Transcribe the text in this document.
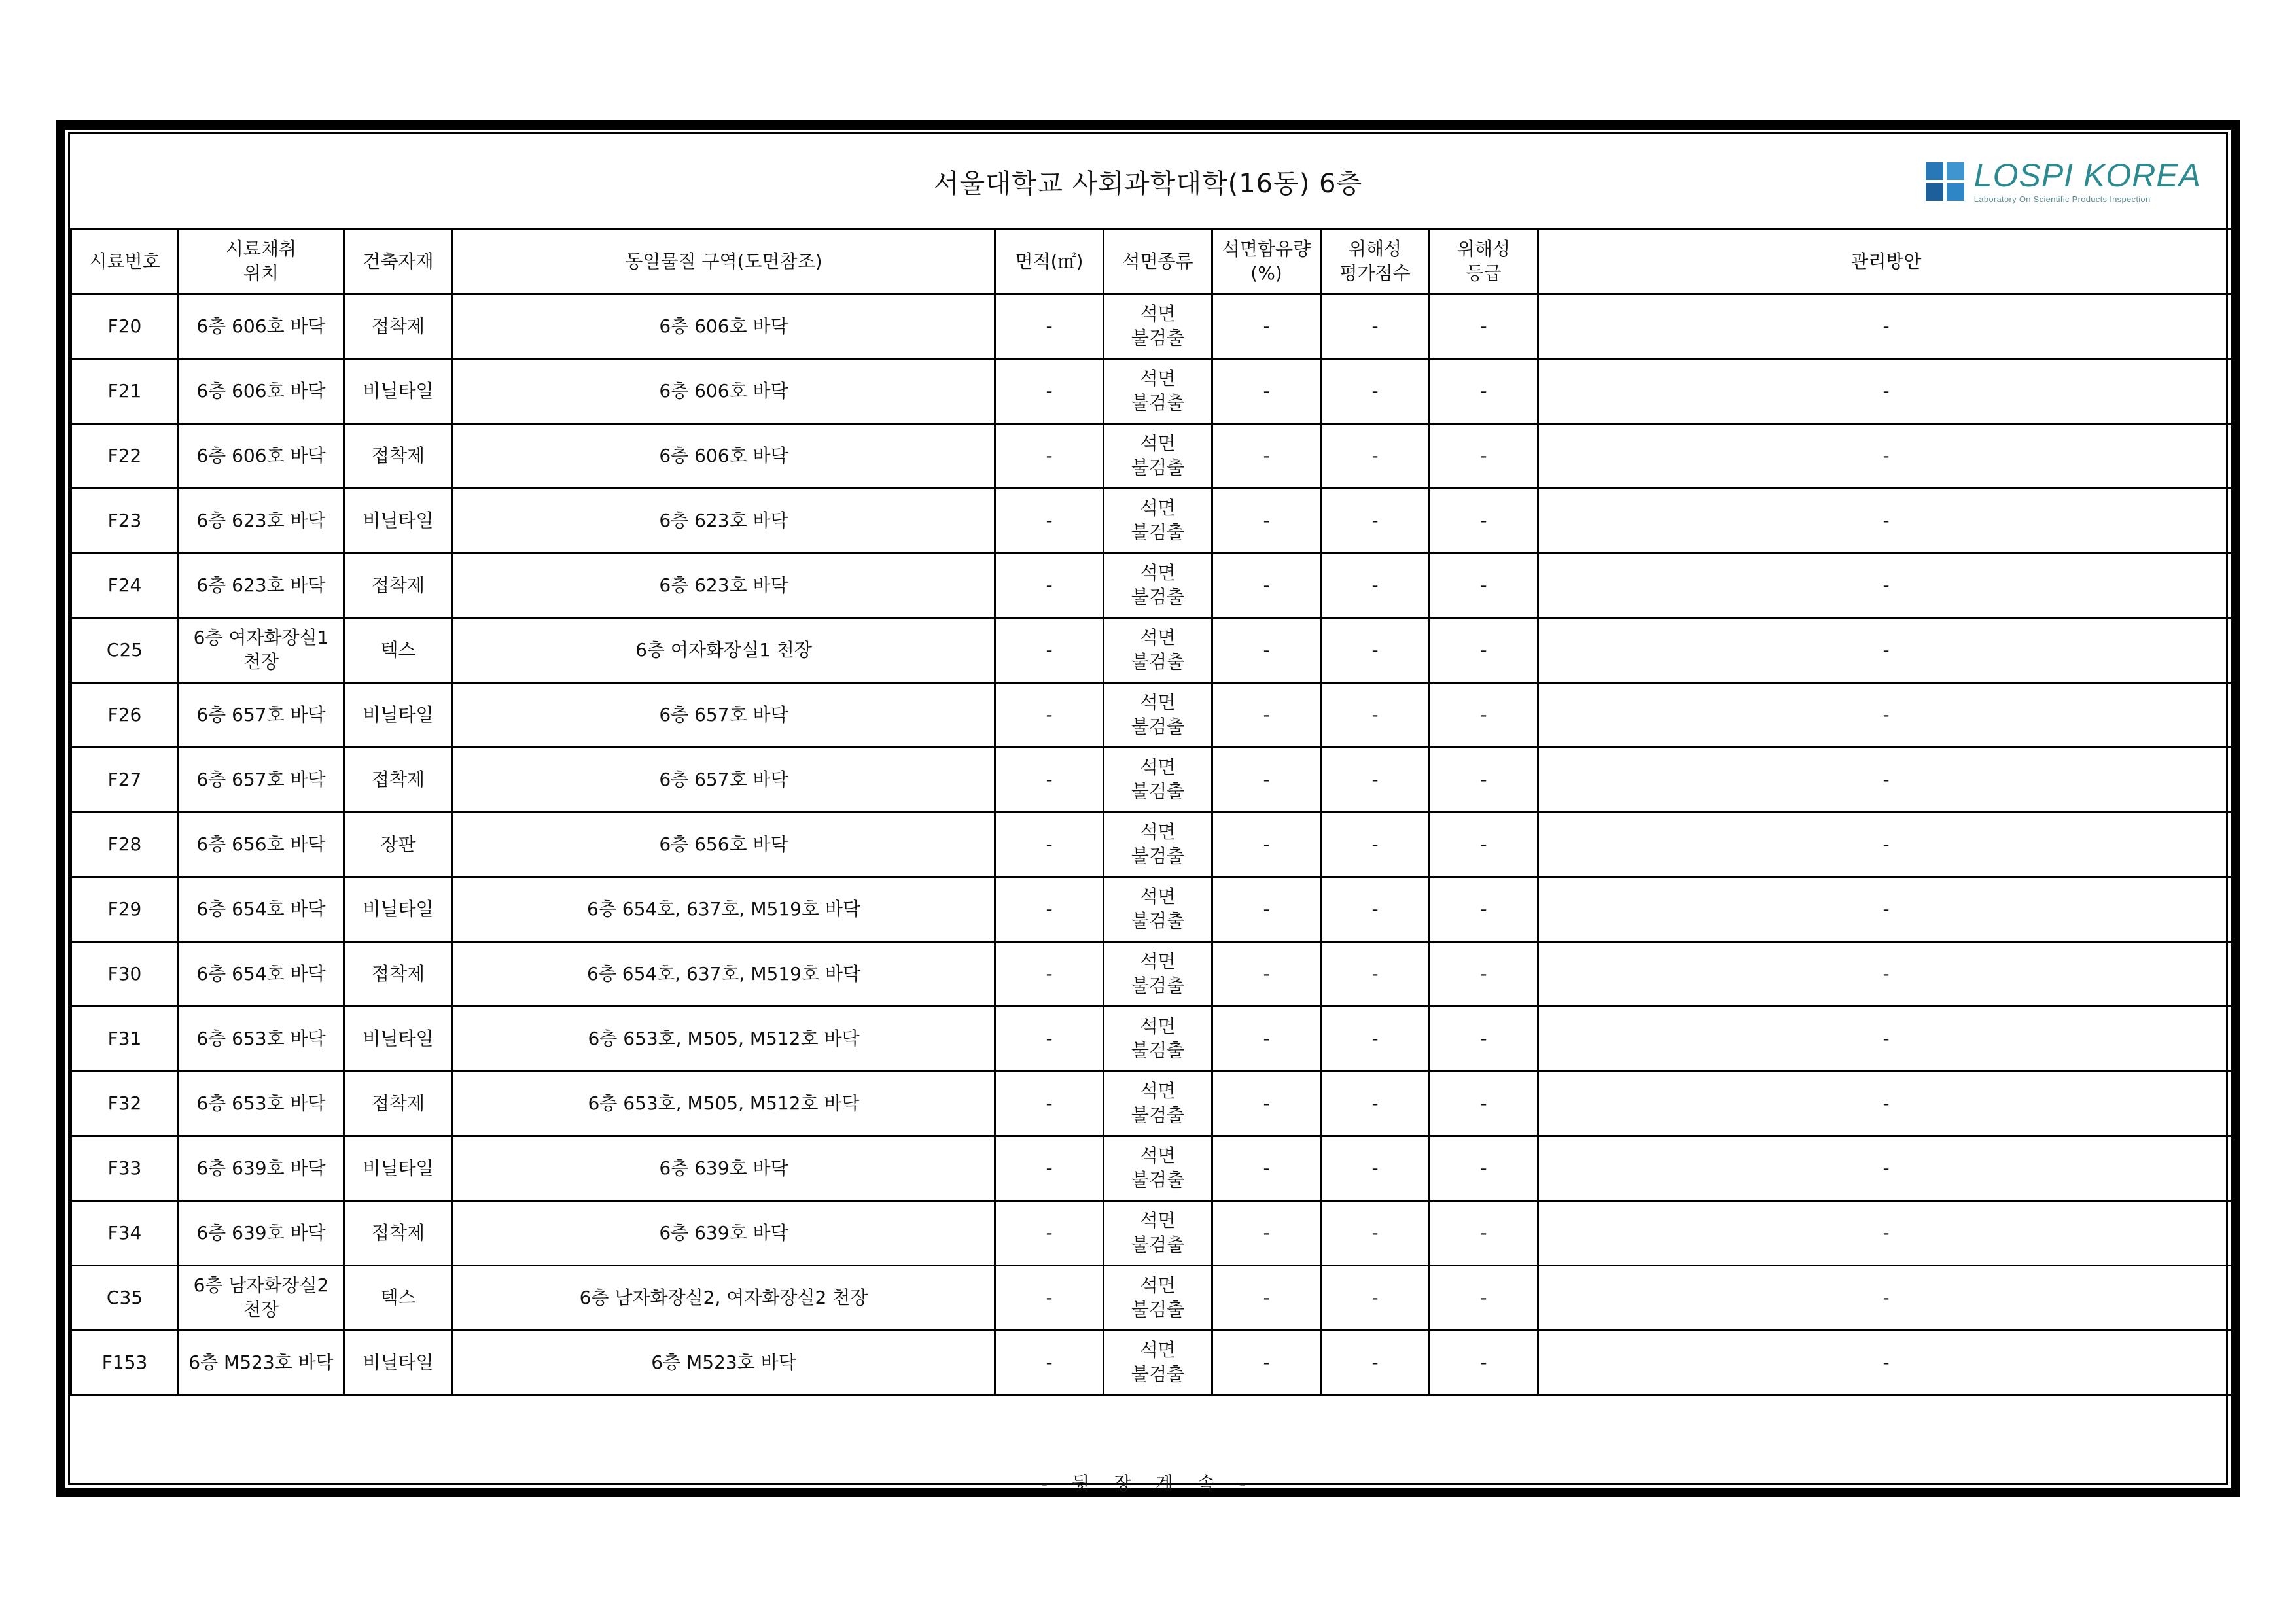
서울대학교 사회과학대학(16동) 6층	LOSPI KOREA
Laboratory On Scientific Products Inspection
시료번호	시료채취
위치	건축자재	동일물질 구역(도면참조)	면적(㎡)	석면종류	석면함유량
(%)	위해성
평가점수	위해성
등급	관리방안
F20	6층 606호 바닥	접착제	6층 606호 바닥	-	석면
불검출	-	-	-	-
F21	6층 606호 바닥	비닐타일	6층 606호 바닥	-	석면
불검출	-	-	-	-
F22	6층 606호 바닥	접착제	6층 606호 바닥	-	석면
불검출	-	-	-	-
F23	6층 623호 바닥	비닐타일	6층 623호 바닥	-	석면
불검출	-	-	-	-
F24	6층 623호 바닥	접착제	6층 623호 바닥	-	석면
불검출	-	-	-	-
C25	6층 여자화장실1
천장	텍스	6층 여자화장실1 천장	-	석면
불검출	-	-	-	-
F26	6층 657호 바닥	비닐타일	6층 657호 바닥	-	석면
불검출	-	-	-	-
F27	6층 657호 바닥	접착제	6층 657호 바닥	-	석면
불검출	-	-	-	-
F28	6층 656호 바닥	장판	6층 656호 바닥	-	석면
불검출	-	-	-	-
F29	6층 654호 바닥	비닐타일	6층 654호, 637호, M519호 바닥	-	석면
불검출	-	-	-	-
F30	6층 654호 바닥	접착제	6층 654호, 637호, M519호 바닥	-	석면
불검출	-	-	-	-
F31	6층 653호 바닥	비닐타일	6층 653호, M505, M512호 바닥	-	석면
불검출	-	-	-	-
F32	6층 653호 바닥	접착제	6층 653호, M505, M512호 바닥	-	석면
불검출	-	-	-	-
F33	6층 639호 바닥	비닐타일	6층 639호 바닥	-	석면
불검출	-	-	-	-
F34	6층 639호 바닥	접착제	6층 639호 바닥	-	석면
불검출	-	-	-	-
C35	6층 남자화장실2
천장	텍스	6층 남자화장실2, 여자화장실2 천장	-	석면
불검출	-	-	-	-
F153	6층 M523호 바닥	비닐타일	6층 M523호 바닥	-	석면
불검출	-	-	-	-
- 뒷 장 계 속 -
